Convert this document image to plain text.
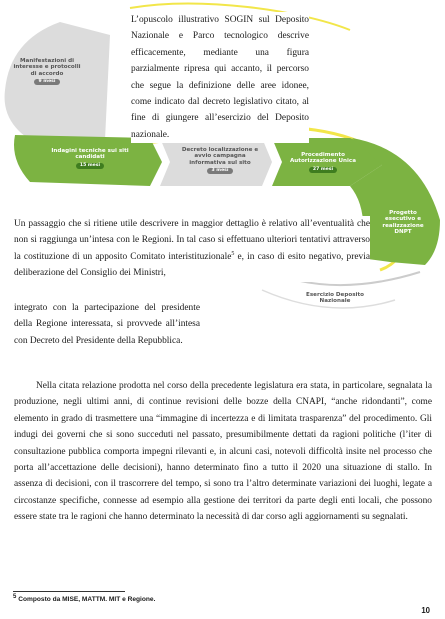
Manifestazioni di interesse e protocolli di accordo
9 mesi
Indagini tecniche sui siti candidati
15 mesi
Decreto localizzazione e avvio campagna informativa sul sito
3 mesi
Procedimento Autorizzazione Unica
27 mesi
Progetto esecutivo e realizzazione DNPT
Esercizio Deposito Nazionale

L’opuscolo illustrativo SOGIN sul Deposito Nazionale e Parco tecnologico descrive efficacemente, mediante una figura parzialmente ripresa qui accanto, il percorso che segue la definizione delle aree idonee, come indicato dal decreto legislativo citato, al fine di giungere all’esercizio del Deposito nazionale.

Un passaggio che si ritiene utile descrivere in maggior dettaglio è relativo all’eventualità che non si raggiunga un’intesa con le Regioni. In tal caso si effettuano ulteriori tentativi attraverso la costituzione di un apposito Comitato interistituzionale$^5$ e, in caso di esito negativo, previa deliberazione del Consiglio dei Ministri,

integrato con la partecipazione del presidente della Regione interessata, si provvede all’intesa con Decreto del Presidente della Repubblica.

Nella citata relazione prodotta nel corso della precedente legislatura era stata, in particolare, segnalata la produzione, negli ultimi anni, di continue revisioni delle bozze della CNAPI, “anche ridondanti”, come elemento in grado di trasmettere una “immagine di incertezza e di limitata trasparenza” del procedimento. Gli indugi dei governi che si sono succeduti nel passato, presumibilmente dettati da ragioni politiche (l’iter di consultazione pubblica comporta impegni rilevanti e, in alcuni casi, notevoli difficoltà insite nel processo che porta all’accettazione delle decisioni), hanno determinato fino a tutto il 2020 una situazione di stallo. In assenza di decisioni, con il trascorrere del tempo, si sono tra l’altro determinate variazioni dei luoghi, legate a circostanze specifiche, connesse ad esempio alla gestione dei territori da parte degli enti locali, che possono essere state tra le ragioni che hanno determinato la necessità di dar corso agli aggiornamenti su segnalati.

$^5$ Composto da MISE, MATTM. MIT e Regione.
10
